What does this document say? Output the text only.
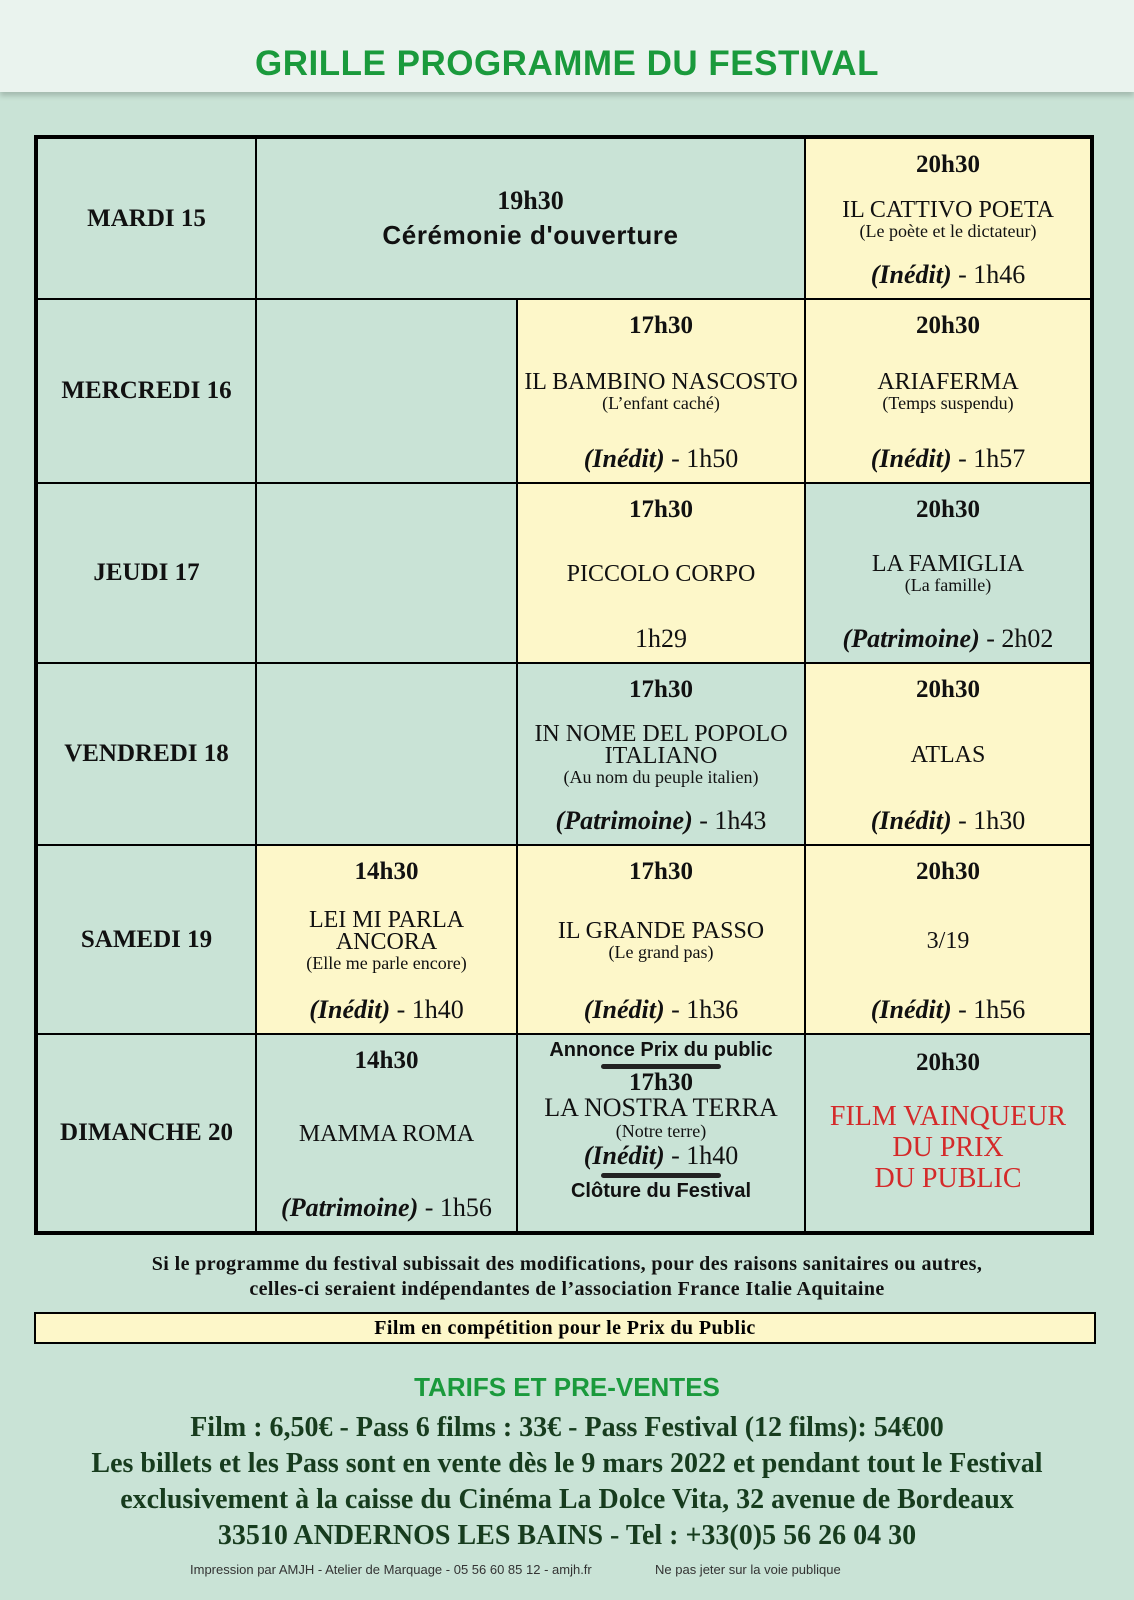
GRILLE PROGRAMME DU FESTIVAL
MARDI 15
19h30
Cérémonie d'ouverture
20h30
IL CATTIVO POETA
(Le poète et le dictateur)
(Inédit) - 1h46
MERCREDI 16
17h30
IL BAMBINO NASCOSTO
(L’enfant caché)
(Inédit) - 1h50
20h30
ARIAFERMA
(Temps suspendu)
(Inédit) - 1h57
JEUDI 17
17h30
PICCOLO CORPO
1h29
20h30
LA FAMIGLIA
(La famille)
(Patrimoine) - 2h02
VENDREDI 18
17h30
IN NOME DEL POPOLO
ITALIANO
(Au nom du peuple italien)
(Patrimoine) - 1h43
20h30
ATLAS
(Inédit) - 1h30
SAMEDI 19
14h30
LEI MI PARLA
ANCORA
(Elle me parle encore)
(Inédit) - 1h40
17h30
IL GRANDE PASSO
(Le grand pas)
(Inédit) - 1h36
20h30
3/19
(Inédit) - 1h56
DIMANCHE 20
14h30
MAMMA ROMA
(Patrimoine) - 1h56
Annonce Prix du public
17h30
LA NOSTRA TERRA
(Notre terre)
(Inédit) - 1h40
Clôture du Festival
20h30
FILM VAINQUEUR
DU PRIX
DU PUBLIC
Si le programme du festival subissait des modifications, pour des raisons sanitaires ou autres,
celles-ci seraient indépendantes de l’association France Italie Aquitaine
Film en compétition pour le Prix du Public
TARIFS ET PRE-VENTES
Film : 6,50€ - Pass 6 films : 33€ - Pass Festival (12 films): 54€00
Les billets et les Pass sont en vente dès le 9 mars 2022 et pendant tout le Festival
exclusivement à la caisse du Cinéma La Dolce Vita, 32 avenue de Bordeaux
33510 ANDERNOS LES BAINS - Tel : +33(0)5 56 26 04 30
Impression par AMJH - Atelier de Marquage - 05 56 60 85 12 - amjh.fr	Ne pas jeter sur la voie publique
